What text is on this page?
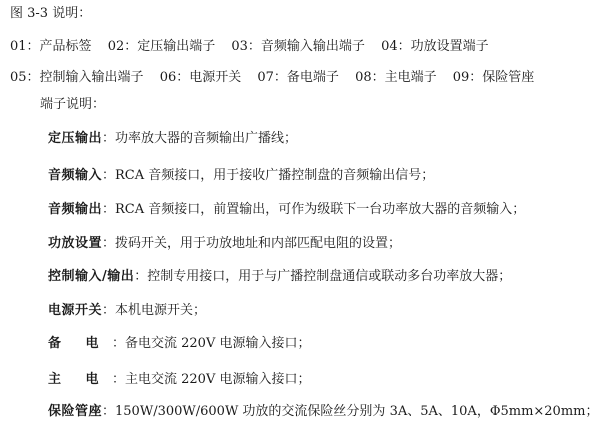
图 3-3 说明：
01：产品标签 02：定压输出端子 03：音频输入输出端子 04：功放设置端子
05：控制输入输出端子 06：电源开关 07：备电端子 08：主电端子 09：保险管座
端子说明：
定压输出：功率放大器的音频输出广播线；
音频输入：RCA 音频接口，用于接收广播控制盘的音频输出信号；
音频输出：RCA 音频接口，前置输出，可作为级联下一台功率放大器的音频输入；
功放设置：拨码开关，用于功放地址和内部匹配电阻的设置；
控制输入/输出：控制专用接口，用于与广播控制盘通信或联动多台功率放大器；
电源开关：本机电源开关；
备 电 ：备电交流 220V 电源输入接口；
主 电 ：主电交流 220V 电源输入接口；
保险管座：150W/300W/600W 功放的交流保险丝分别为 3A、5A、10A，Φ5mm×20mm；
